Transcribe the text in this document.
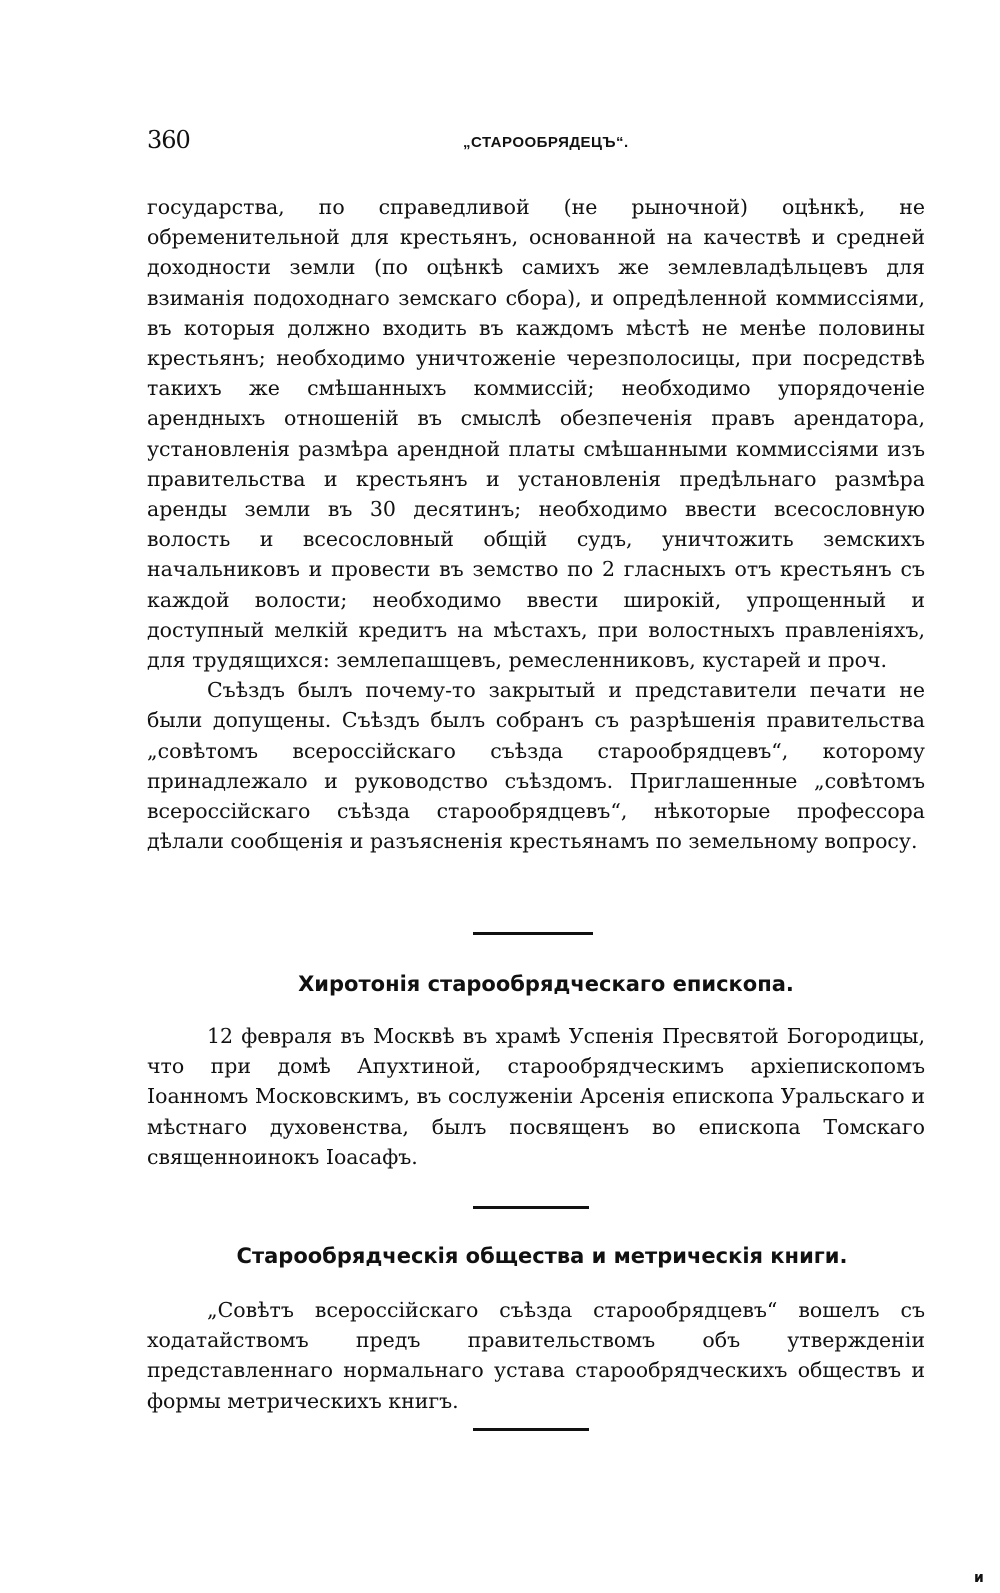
360	„СТАРООБРЯДЕЦЪ“.

государства, по справедливой (не рыночной) оцѣнкѣ, не обременительной для крестьянъ, основанной на качествѣ и средней доходности земли (по оцѣнкѣ самихъ же землевладѣльцевъ для взиманія подоходнаго земскаго сбора), и опредѣленной коммиссіями, въ которыя должно входить въ каждомъ мѣстѣ не менѣе половины крестьянъ; необходимо уничтоженіе черезполосицы, при посредствѣ такихъ же смѣшанныхъ коммиссій; необходимо упорядоченіе арендныхъ отношеній въ смыслѣ обезпеченія правъ арендатора, установленія размѣра арендной платы смѣшанными коммиссіями изъ правительства и крестьянъ и установленія предѣльнаго размѣра аренды земли въ 30 десятинъ; необходимо ввести всесословную волость и всесословный общій судъ, уничтожить земскихъ начальниковъ и провести въ земство по 2 гласныхъ отъ крестьянъ съ каждой волости; необходимо ввести широкій, упрощенный и доступный мелкій кредитъ на мѣстахъ, при волостныхъ правленіяхъ, для трудящихся: землепашцевъ, ремесленниковъ, кустарей и проч.

Съѣздъ былъ почему-то закрытый и представители печати не были допущены. Съѣздъ былъ собранъ съ разрѣшенія правительства „совѣтомъ всероссійскаго съѣзда старообрядцевъ“, которому принадлежало и руководство съѣздомъ. Приглашенные „совѣтомъ всероссійскаго съѣзда старообрядцевъ“, нѣкоторые профессора дѣлали сообщенія и разъясненія крестьянамъ по земельному вопросу.

Хиротонія старообрядческаго епископа.

12 февраля въ Москвѣ въ храмѣ Успенія Пресвятой Богородицы, что при домѣ Апухтиной, старообрядческимъ архіепископомъ Іоанномъ Московскимъ, въ сослуженіи Арсенія епископа Уральскаго и мѣстнаго духовенства, былъ посвященъ во епископа Томскаго священноинокъ Іоасафъ.

Старообрядческія общества и метрическія книги.

„Совѣтъ всероссійскаго съѣзда старообрядцевъ“ вошелъ съ ходатайствомъ предъ правительствомъ объ утвержденіи представленнаго нормальнаго устава старообрядческихъ обществъ и формы метрическихъ книгъ.

и
